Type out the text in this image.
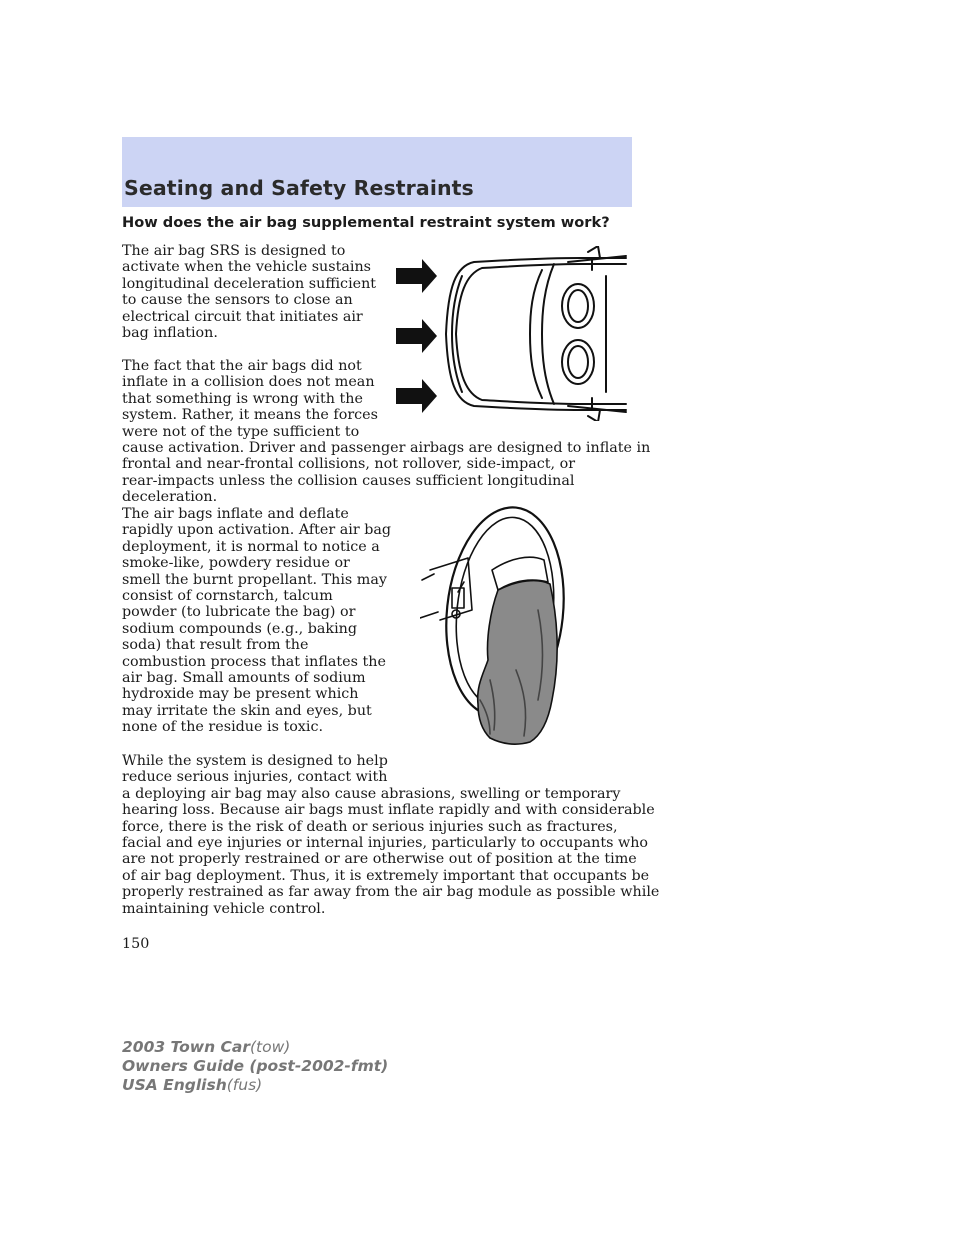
Seating and Safety Restraints
How does the air bag supplemental restraint system work?

The air bag SRS is designed to
activate when the vehicle sustains
longitudinal deceleration sufficient
to cause the sensors to close an
electrical circuit that initiates air
bag inflation.

The fact that the air bags did not
inflate in a collision does not mean
that something is wrong with the
system. Rather, it means the forces
were not of the type sufficient to
cause activation. Driver and passenger airbags are designed to inflate in
frontal and near-frontal collisions, not rollover, side-impact, or
rear-impacts unless the collision causes sufficient longitudinal
deceleration.

The air bags inflate and deflate
rapidly upon activation. After air bag
deployment, it is normal to notice a
smoke-like, powdery residue or
smell the burnt propellant. This may
consist of cornstarch, talcum
powder (to lubricate the bag) or
sodium compounds (e.g., baking
soda) that result from the
combustion process that inflates the
air bag. Small amounts of sodium
hydroxide may be present which
may irritate the skin and eyes, but
none of the residue is toxic.

While the system is designed to help
reduce serious injuries, contact with
a deploying air bag may also cause abrasions, swelling or temporary
hearing loss. Because air bags must inflate rapidly and with considerable
force, there is the risk of death or serious injuries such as fractures,
facial and eye injuries or internal injuries, particularly to occupants who
are not properly restrained or are otherwise out of position at the time
of air bag deployment. Thus, it is extremely important that occupants be
properly restrained as far away from the air bag module as possible while
maintaining vehicle control.

150
2003 Town Car(tow)
Owners Guide (post-2002-fmt)
USA English(fus)
